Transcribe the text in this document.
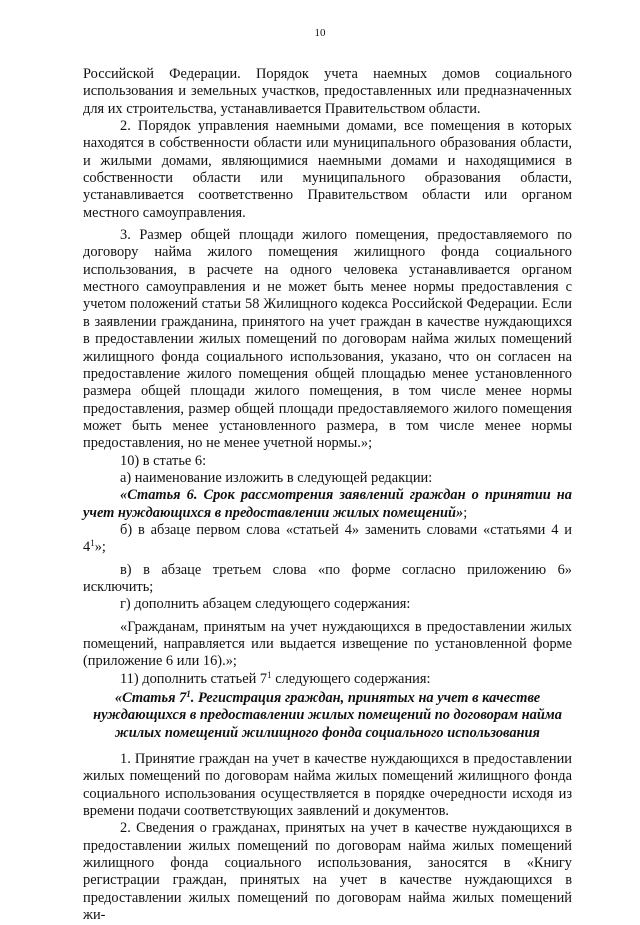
10

Российской Федерации. Порядок учета наемных домов социального использования и земельных участков, предоставленных или предназначенных для их строительства, устанавливается Правительством области.

2. Порядок управления наемными домами, все помещения в которых находятся в собственности области или муниципального образования области, и жилыми домами, являющимися наемными домами и находящимися в собственности области или муниципального образования области, устанавливается соответственно Правительством области или органом местного самоуправления.

3. Размер общей площади жилого помещения, предоставляемого по договору найма жилого помещения жилищного фонда социального использования, в расчете на одного человека устанавливается органом местного самоуправления и не может быть менее нормы предоставления с учетом положений статьи 58 Жилищного кодекса Российской Федерации. Если в заявлении гражданина, принятого на учет граждан в качестве нуждающихся в предоставлении жилых помещений по договорам найма жилых помещений жилищного фонда социального использования, указано, что он согласен на предоставление жилого помещения общей площадью менее установленного размера общей площади жилого помещения, в том числе менее нормы предоставления, размер общей площади предоставляемого жилого помещения может быть менее установленного размера, в том числе менее нормы предоставления, но не менее учетной нормы.»;

10) в статье 6:

а) наименование изложить в следующей редакции:

«Статья 6. Срок рассмотрения заявлений граждан о принятии на учет нуждающихся в предоставлении жилых помещений»;

б) в абзаце первом слова «статьей 4» заменить словами «статьями 4 и $4^1$»;

в) в абзаце третьем слова «по форме согласно приложению 6» исключить;

г) дополнить абзацем следующего содержания:

«Гражданам, принятым на учет нуждающихся в предоставлении жилых помещений, направляется или выдается извещение по установленной форме (приложение 6 или 16).»;

11) дополнить статьей $7^1$ следующего содержания:

«Статья $7^1$. Регистрация граждан, принятых на учет в качестве нуждающихся в предоставлении жилых помещений по договорам найма жилых помещений жилищного фонда социального использования

1. Принятие граждан на учет в качестве нуждающихся в предоставлении жилых помещений по договорам найма жилых помещений жилищного фонда социального использования осуществляется в порядке очередности исходя из времени подачи соответствующих заявлений и документов.

2. Сведения о гражданах, принятых на учет в качестве нуждающихся в предоставлении жилых помещений по договорам найма жилых помещений жилищного фонда социального использования, заносятся в «Книгу регистрации граждан, принятых на учет в качестве нуждающихся в предоставлении жилых помещений по договорам найма жилых помещений жи-
